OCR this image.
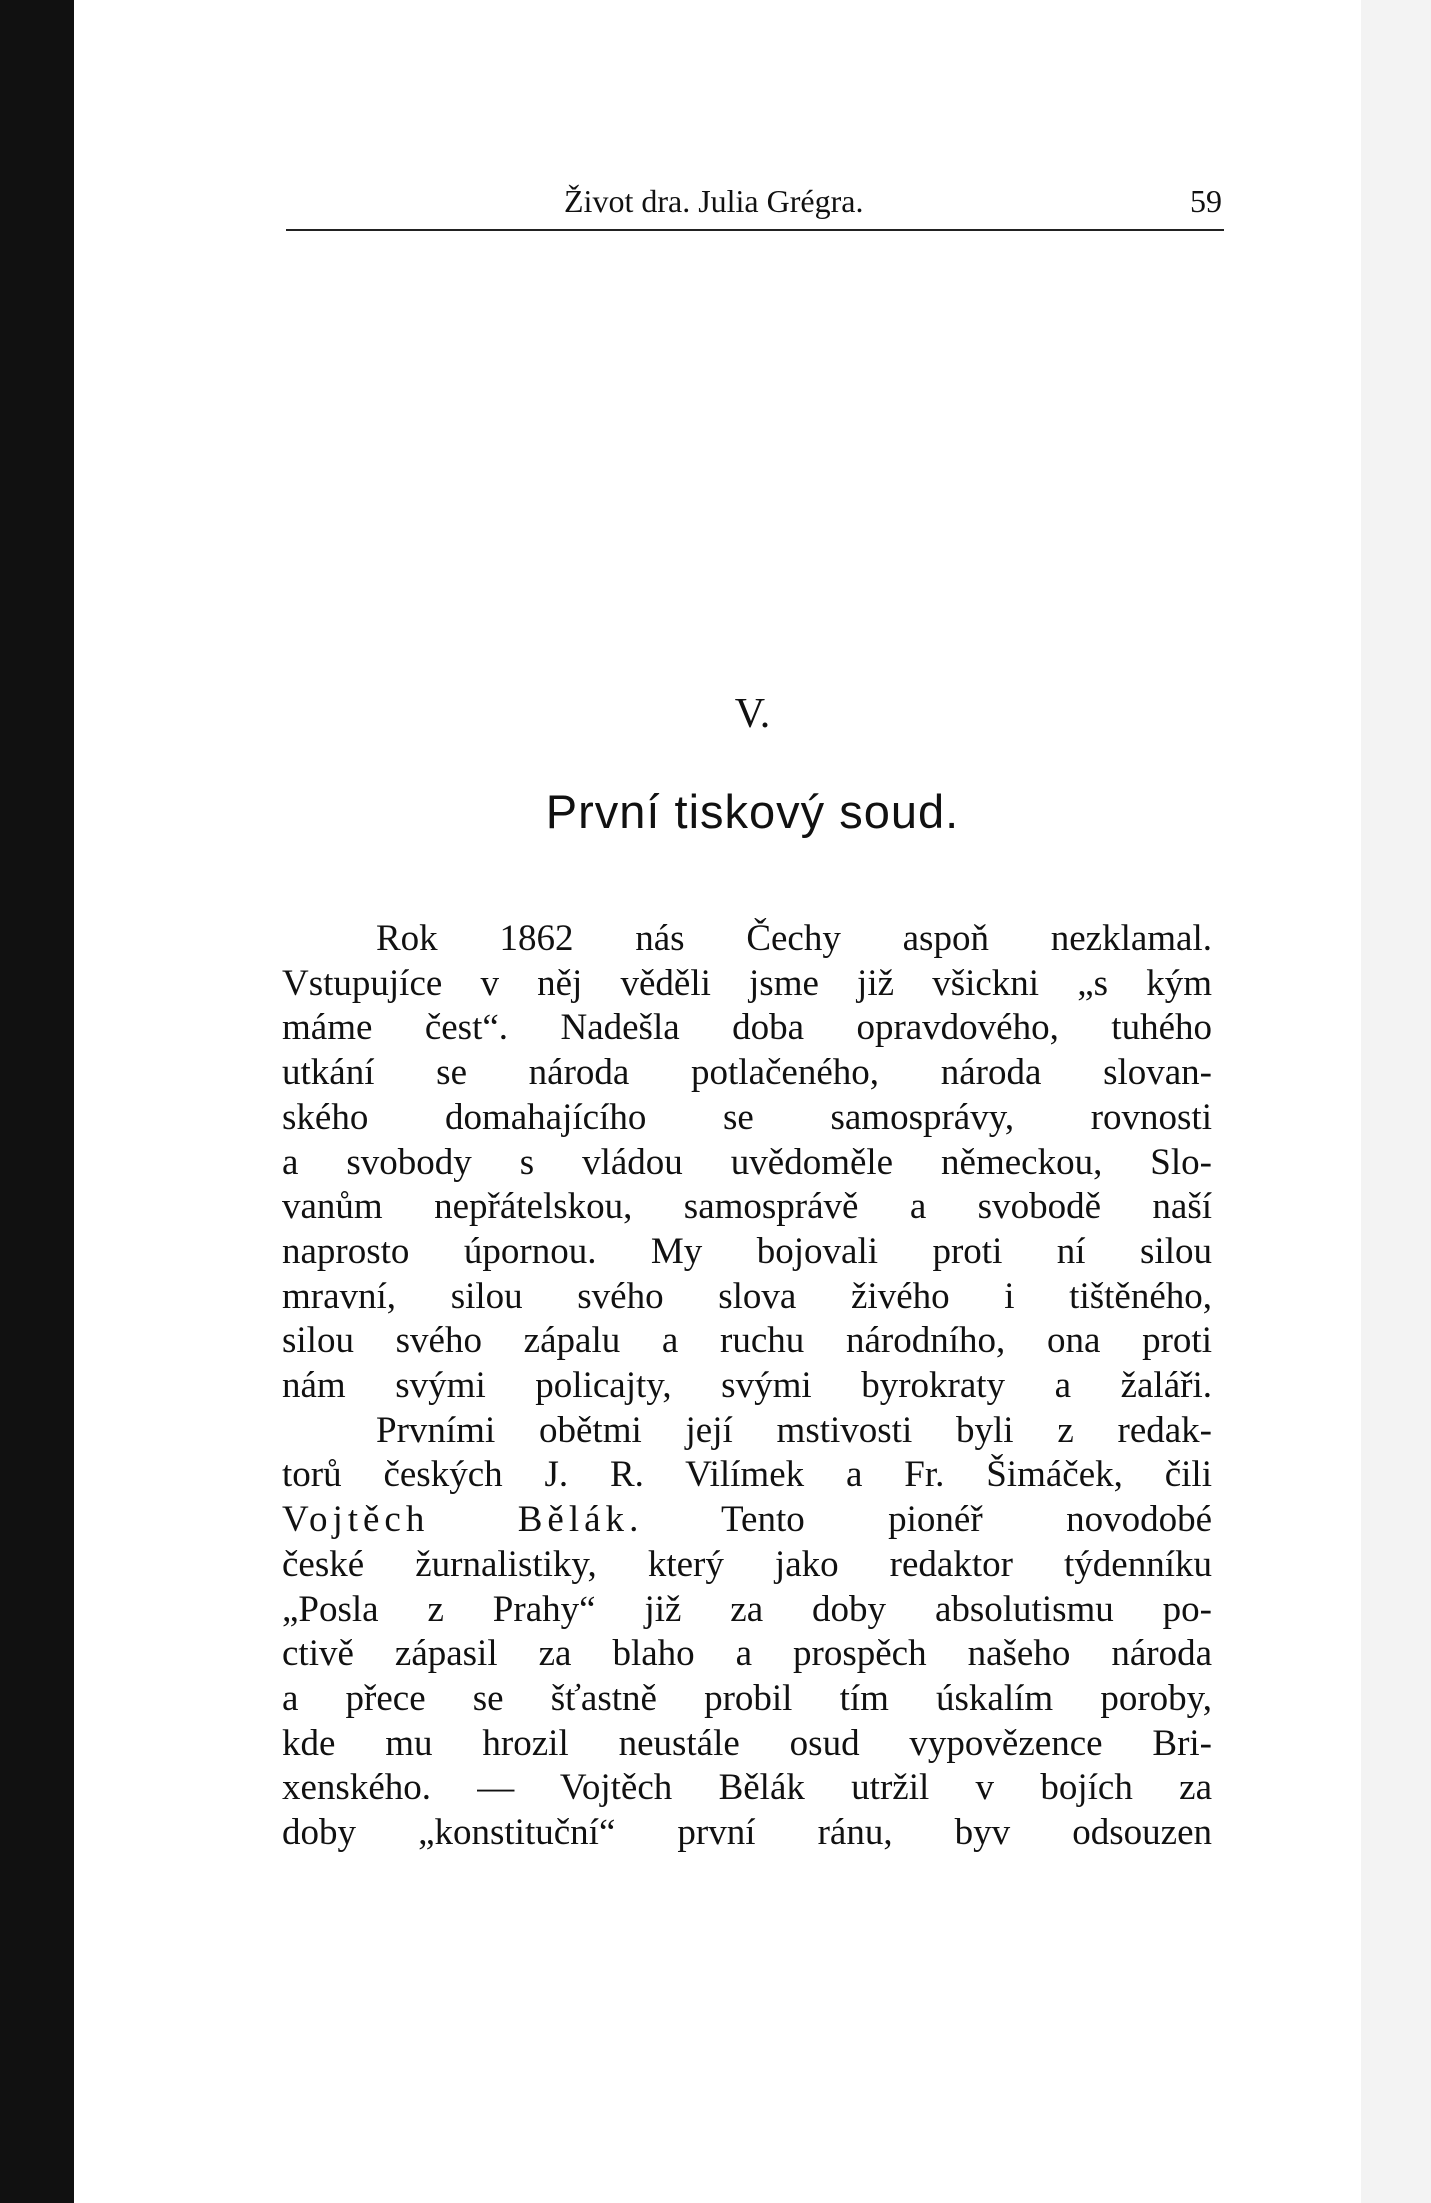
Život dra. Julia Grégra.	59
V.
První tiskový soud.
Rok 1862 nás Čechy aspoň nezklamal.
Vstupujíce v něj věděli jsme již všickni „s kým
máme čest“. Nadešla doba opravdového, tuhého
utkání se národa potlačeného, národa slovan-
ského domahajícího se samosprávy, rovnosti
a svobody s vládou uvědoměle německou, Slo-
vanům nepřátelskou, samosprávě a svobodě naší
naprosto úpornou. My bojovali proti ní silou
mravní, silou svého slova živého i tištěného,
silou svého zápalu a ruchu národního, ona proti
nám svými policajty, svými byrokraty a žaláři.
Prvními obětmi její mstivosti byli z redak-
torů českých J. R. Vilímek a Fr. Šimáček, čili
Vojtěch Bělák. Tento pionéř novodobé
české žurnalistiky, který jako redaktor týdenníku
„Posla z Prahy“ již za doby absolutismu po-
ctivě zápasil za blaho a prospěch našeho národa
a přece se šťastně probil tím úskalím poroby,
kde mu hrozil neustále osud vypovězence Bri-
xenského. — Vojtěch Bělák utržil v bojích za
doby „konstituční“ první ránu, byv odsouzen
